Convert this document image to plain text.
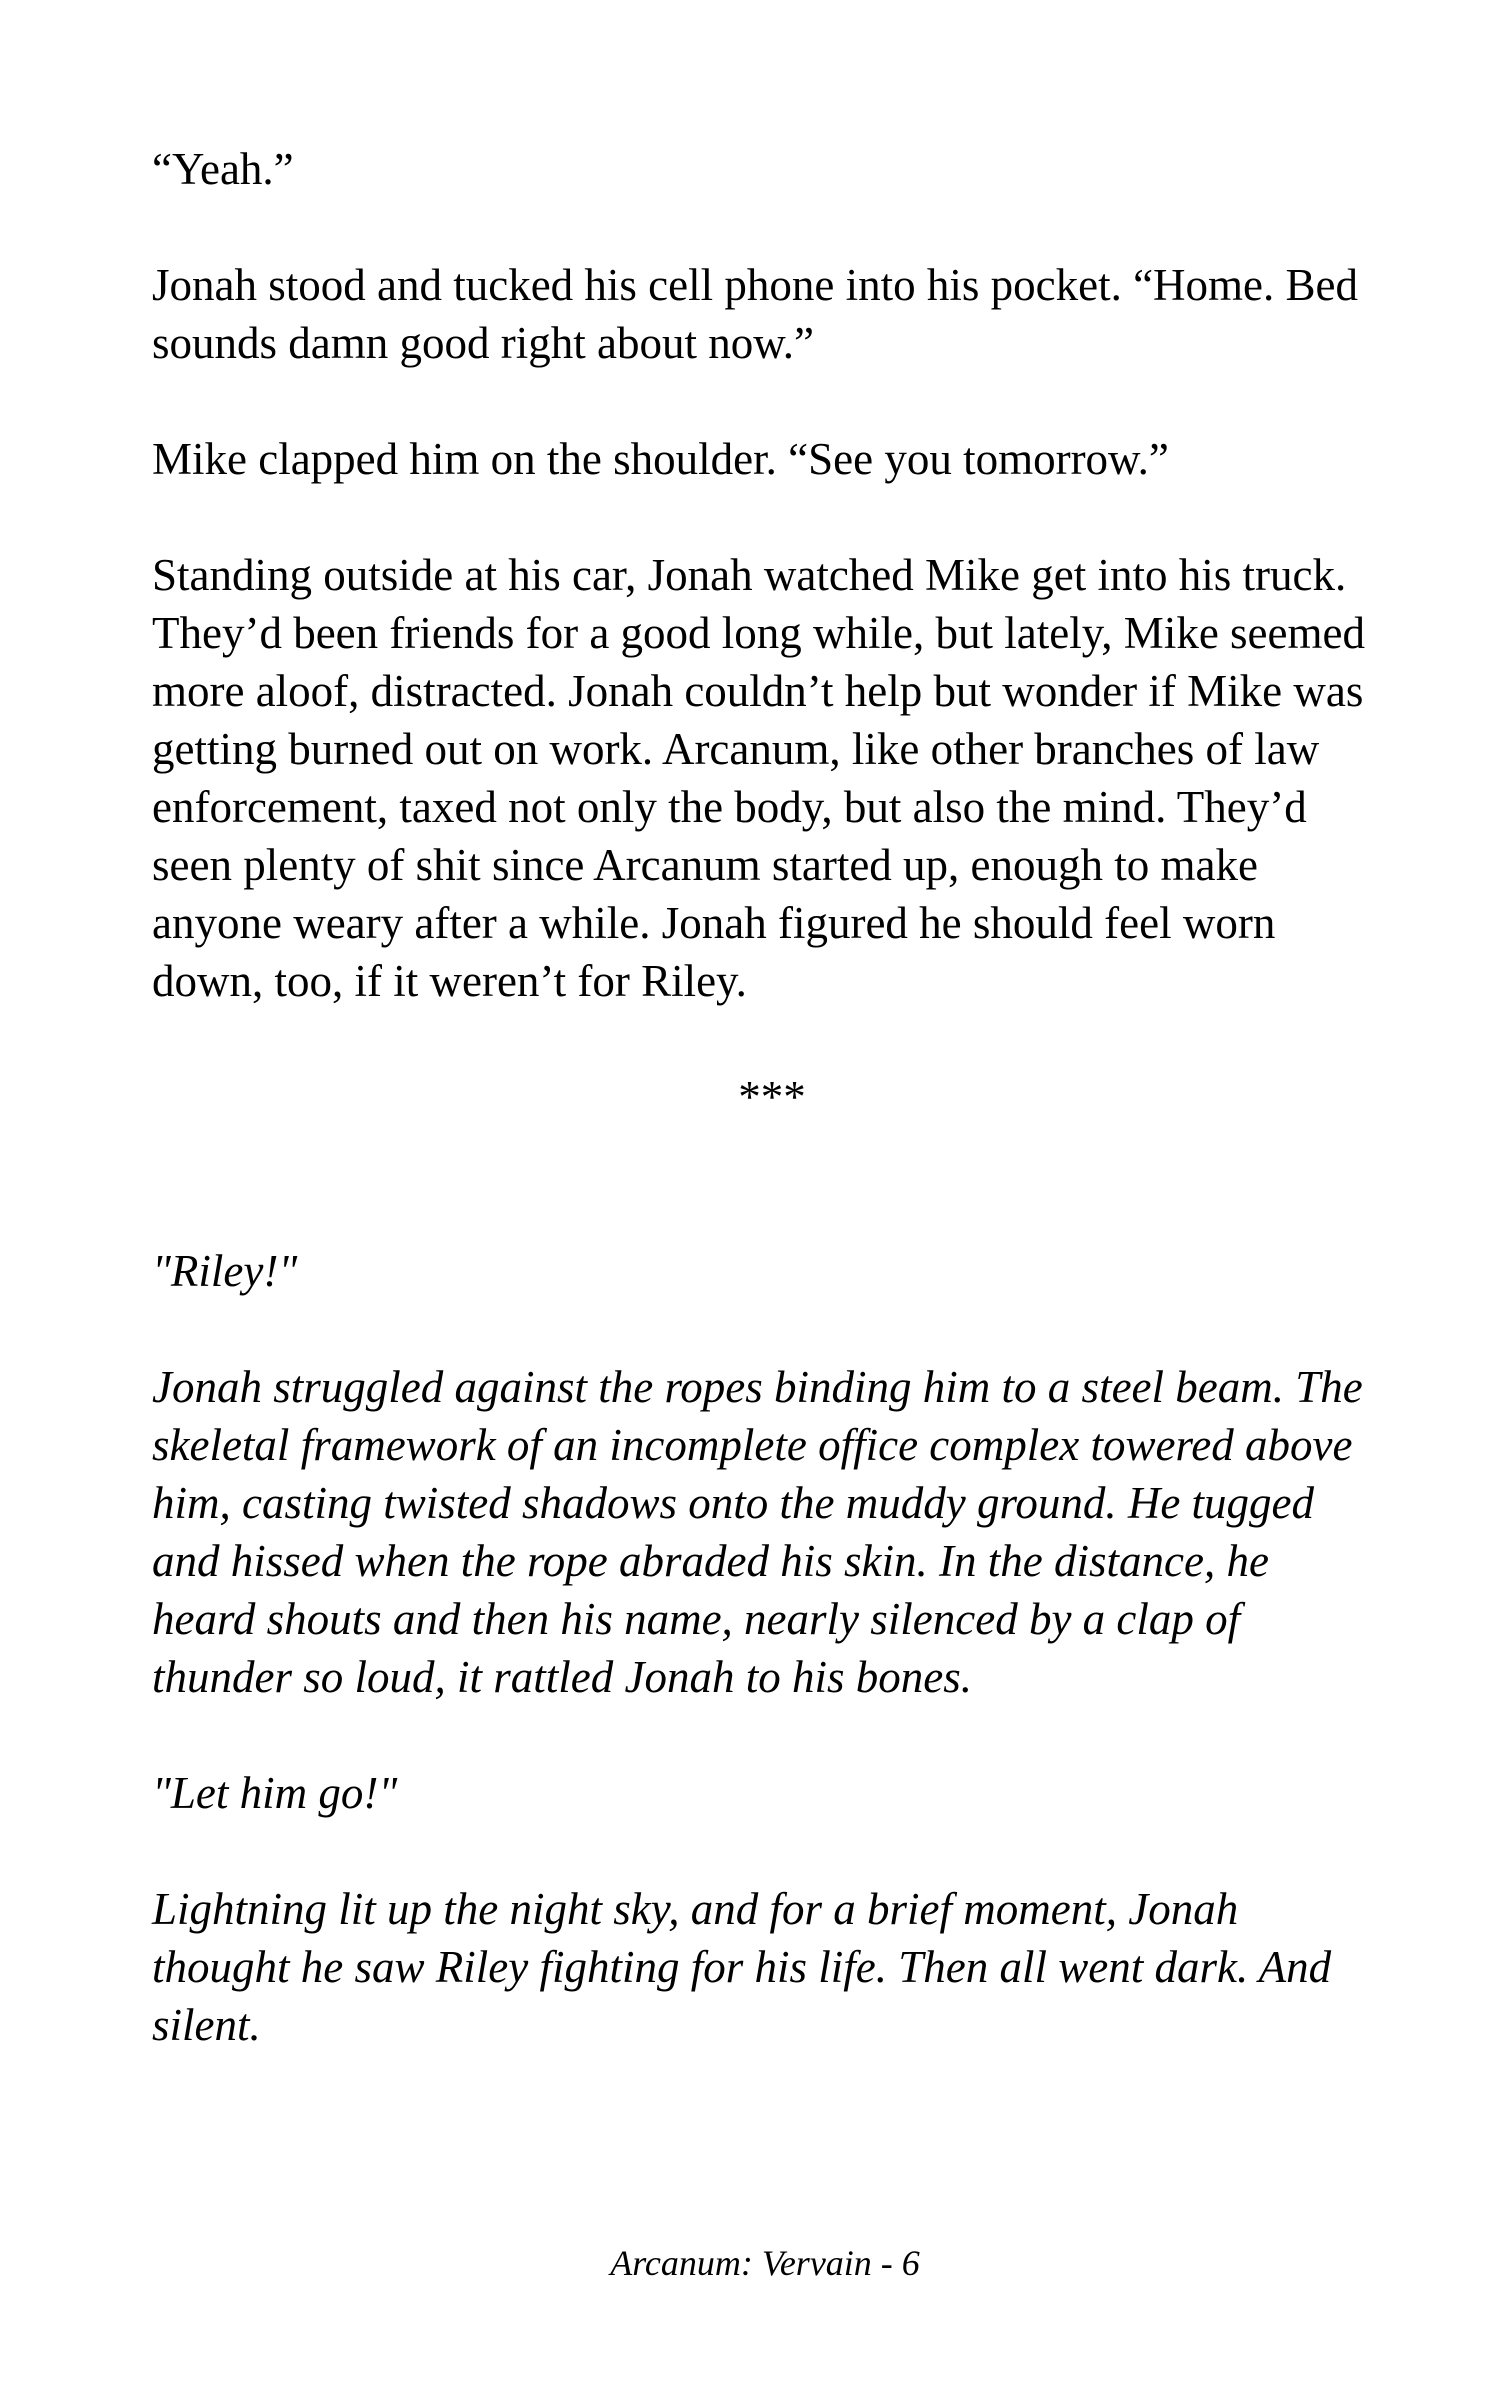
“Yeah.”

Jonah stood and tucked his cell phone into his pocket. “Home. Bed sounds damn good right about now.”

Mike clapped him on the shoulder. “See you tomorrow.”

Standing outside at his car, Jonah watched Mike get into his truck. They’d been friends for a good long while, but lately, Mike seemed more aloof, distracted. Jonah couldn’t help but wonder if Mike was getting burned out on work. Arcanum, like other branches of law enforcement, taxed not only the body, but also the mind. They’d seen plenty of shit since Arcanum started up, enough to make anyone weary after a while. Jonah figured he should feel worn down, too, if it weren’t for Riley.

***

"Riley!"

Jonah struggled against the ropes binding him to a steel beam. The skeletal framework of an incomplete office complex towered above him, casting twisted shadows onto the muddy ground. He tugged and hissed when the rope abraded his skin. In the distance, he heard shouts and then his name, nearly silenced by a clap of thunder so loud, it rattled Jonah to his bones.

"Let him go!"

Lightning lit up the night sky, and for a brief moment, Jonah thought he saw Riley fighting for his life. Then all went dark. And silent.

Arcanum: Vervain - 6
